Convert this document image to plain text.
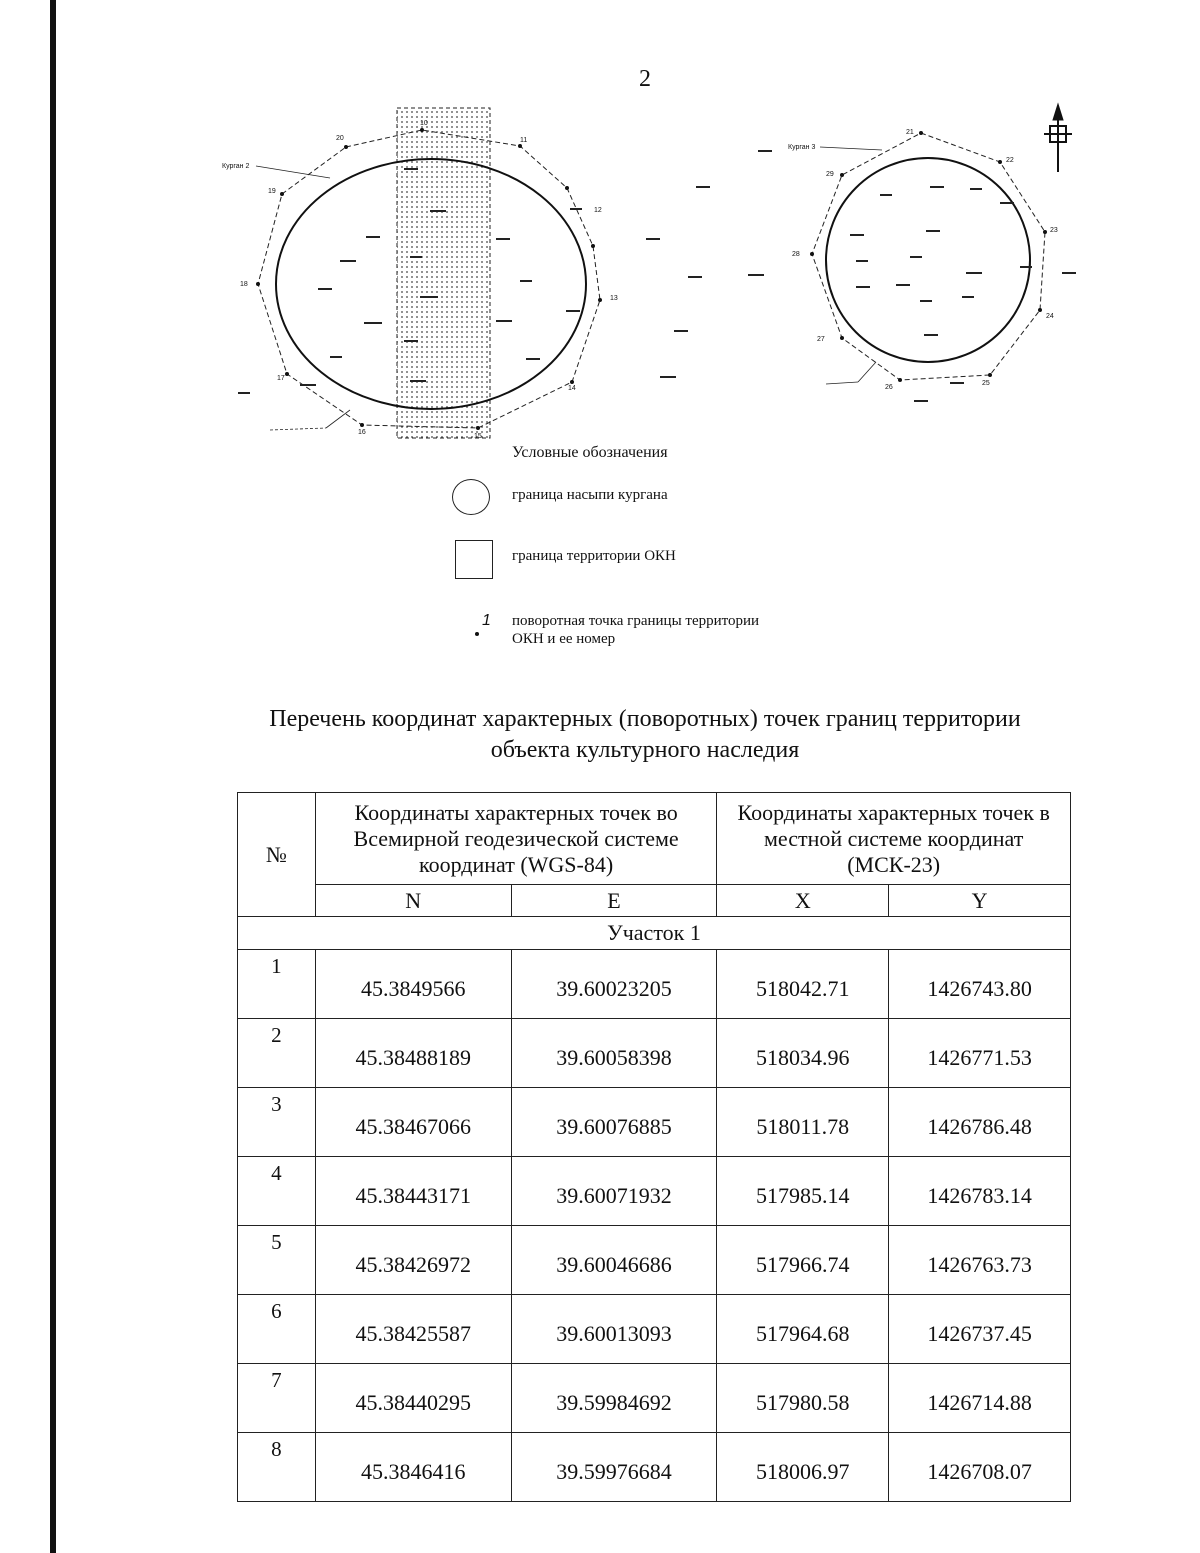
2
20
10
11
12
13
14
15
16
17
18
19
Курган 2
21
22
23
24
25
26
27
28
29
Курган 3
Условные обозначения
граница насыпи кургана
граница территории ОКН
1 поворотная точка границы территории
ОКН и ее номер
Перечень координат характерных (поворотных) точек границ территории
объекта культурного наследия
№	Координаты характерных точек во Всемирной геодезической системе координат (WGS-84)		Координаты характерных точек в местной системе координат (МСК-23)	
	N	E	X	Y
Участок 1				
1	45.3849566	39.60023205	518042.71	1426743.80
2	45.38488189	39.60058398	518034.96	1426771.53
3	45.38467066	39.60076885	518011.78	1426786.48
4	45.38443171	39.60071932	517985.14	1426783.14
5	45.38426972	39.60046686	517966.74	1426763.73
6	45.38425587	39.60013093	517964.68	1426737.45
7	45.38440295	39.59984692	517980.58	1426714.88
8	45.3846416	39.59976684	518006.97	1426708.07
